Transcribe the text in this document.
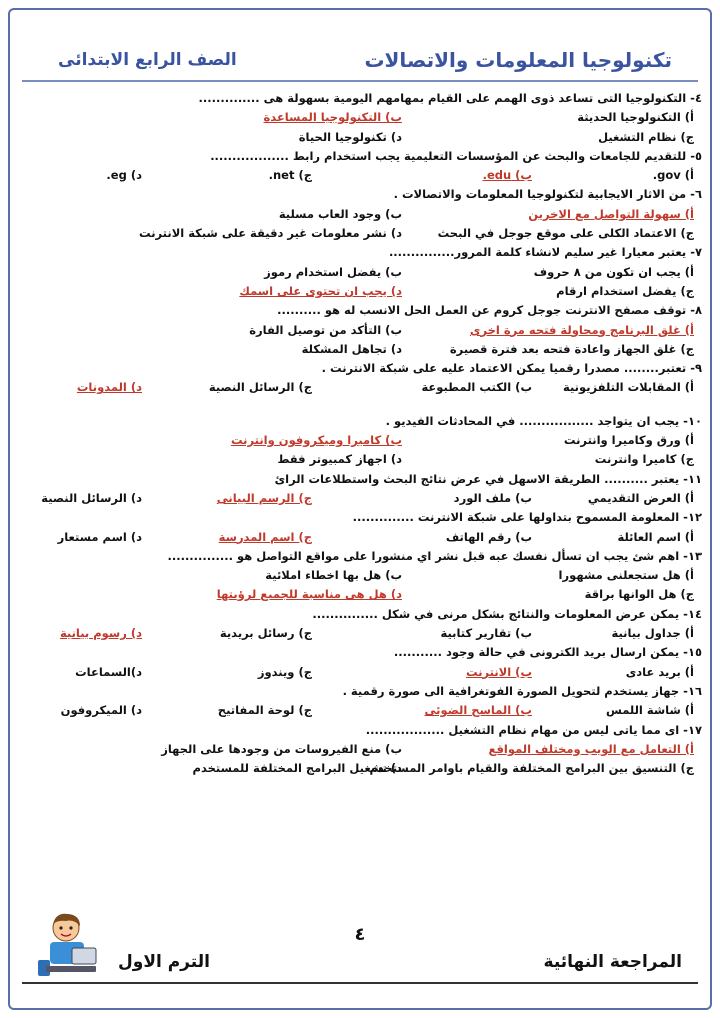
تكنولوجيا المعلومات والاتصالات
الصف الرابع الابتدائى
٤- التكنولوجيا التى تساعد ذوى الهمم على القيام بمهامهم اليومية بسهولة هى ..............
أ) التكنولوجيا الحديثة
ب) التكنولوجيا المساعدة
ج) نظام التشغيل
د) تكنولوجيا الحياة
٥- للتقديم للجامعات والبحث عن المؤسسات التعليمية يجب استخدام رابط ..................
أ) gov.
ب) edu.
ج) net.
د) eg.
٦- من الاثار الايجابية لتكنولوجيا المعلومات والاتصالات .
أ) سهولة التواصل مع الاخرين
ب) وجود العاب مسلية
ج) الاعتماد الكلى على موقع جوجل في البحث
د) نشر معلومات غير دقيقة على شبكة الانترنت
٧- يعتبر معيارا غير سليم لانشاء كلمة المرور...............
أ) يجب ان تكون من ٨ حروف
ب) يفضل استخدام رموز
ج) يفضل استخدام ارقام
د) يجب ان تحتوى على اسمك
٨- توقف مصفح الانترنت جوجل كروم عن العمل الحل الانسب له هو ..........
أ) غلق البرنامج ومحاولة فتحه مرة اخرى
ب) التأكد من توصيل الفارة
ج) غلق الجهاز واعادة فتحه بعد فترة قصيرة
د) تجاهل المشكلة
٩- تعتبر........ مصدرا رقميا يمكن الاعتماد عليه على شبكة الانترنت .
أ) المقابلات التلفزيونية
ب) الكتب المطبوعة
ج) الرسائل النصية
د) المدونات
١٠- يجب ان يتواجد ................. في المحادثات الفيديو .
أ) ورق وكاميرا وانترنت
ب) كاميرا وميكروفون وانترنت
ج) كاميرا وانترنت
د) اجهاز كمبيوتر فقط
١١- يعتبر .......... الطريقة الاسهل في عرض نتائج البحث واستطلاعات الرائ
أ) العرض التقديمي
ب) ملف الورد
ج) الرسم البيانى
د) الرسائل النصية
١٢- المعلومة المسموح بتداولها على شبكة الانترنت ..............
أ) اسم العائلة
ب) رقم الهاتف
ج) اسم المدرسة
د) اسم مستعار
١٣- اهم شئ يجب ان تسأل نفسك عبه قبل نشر اي منشورا على مواقع التواصل هو ...............
أ) هل ستجعلنى مشهورا
ب) هل بها اخطاء املائية
ج) هل الوانها براقة
د) هل هى مناسبة للجميع لرؤيتها
١٤- يمكن عرض المعلومات والنتائج بشكل مرنى في شكل ...............
أ) جداول بيانية
ب) تقارير كتابية
ج) رسائل بريدية
د) رسوم بيانية
١٥- يمكن ارسال بريد الكترونى في حالة وجود ...........
أ) بريد عادى
ب) الانترنت
ج) ويندوز
د)السماعات
١٦- جهاز يستخدم لتحويل الصورة الفوتغرافية الى صورة رقمية .
أ) شاشة اللمس
ب) الماسح الضوئى
ج) لوحة المفاتيح
د) الميكروفون
١٧- اى مما ياتى ليس من مهام نظام التشغيل ..................
أ) التعامل مع الويب ومختلف المواقع
ب) منع الفيروسات من وجودها على الجهاز
ج) التنسيق بين البرامج المختلفة والقيام باوامر المستخدم
د) تشغيل البرامج المختلفة للمستخدم
٤
الترم الاول	المراجعة النهائية
